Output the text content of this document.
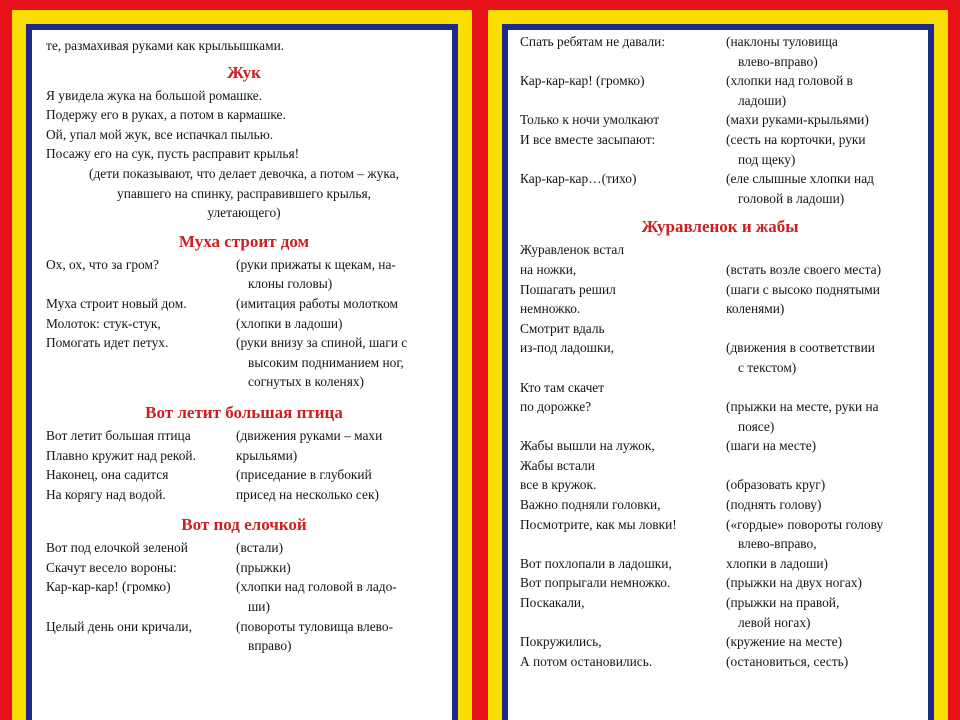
те, размахивая руками как крыльышками.
Жук
Я увидела жука на большой ромашке.
Подержу его в руках, а потом в кармашке.
Ой, упал мой жук, все испачкал пылью.
Посажу его на сук, пусть расправит крылья!
(дети показывают, что делает девочка, а потом – жука,
упавшего на спинку, расправившего крылья,
улетающего)
Муха строит дом
Ох, ох, что за гром?	(руки прижаты к щекам, на-
клоны головы)
Муха строит новый дом.	(имитация работы молотком
Молоток: стук-стук,	(хлопки в ладоши)
Помогать идет петух.	(руки внизу за спиной, шаги с
высоким подниманием ног,
согнутых в коленях)
Вот летит большая птица
Вот летит большая птица	(движения руками – махи
Плавно кружит над рекой.	крыльями)
Наконец, она садится	(приседание в глубокий
На корягу над водой.	присед на несколько сек)
Вот под елочкой
Вот под елочкой зеленой	(встали)
Скачут весело вороны:	(прыжки)
Кар-кар-кар! (громко)	(хлопки над головой в ладо-
ши)
Целый день они кричали,	(повороты туловища влево-
вправо)
Спать ребятам не давали:	(наклоны туловища
влево-вправо)
Кар-кар-кар! (громко)	(хлопки над головой в
ладоши)
Только к ночи умолкают	(махи руками-крыльями)
И все вместе засыпают:	(сесть на корточки, руки
под щеку)
Кар-кар-кар…(тихо)	(еле слышные хлопки над
головой в ладоши)
Журавленок и жабы
Журавленок встал
на ножки,	(встать возле своего места)
Пошагать решил	(шаги с высоко поднятыми
немножко.	коленями)
Смотрит вдаль
из-под ладошки,	(движения в соответствии
с текстом)
Кто там скачет
по дорожке?	(прыжки на месте, руки на
поясе)
Жабы вышли на лужок,	(шаги на месте)
Жабы встали
все в кружок.	(образовать круг)
Важно подняли головки,	(поднять голову)
Посмотрите, как мы ловки!	(«гордые» повороты голову
влево-вправо,
Вот похлопали в ладошки,	хлопки в ладоши)
Вот попрыгали немножко.	(прыжки на двух ногах)
Поскакали,	(прыжки на правой,
левой ногах)
Покружились,	(кружение на месте)
А потом остановились.	(остановиться, сесть)
